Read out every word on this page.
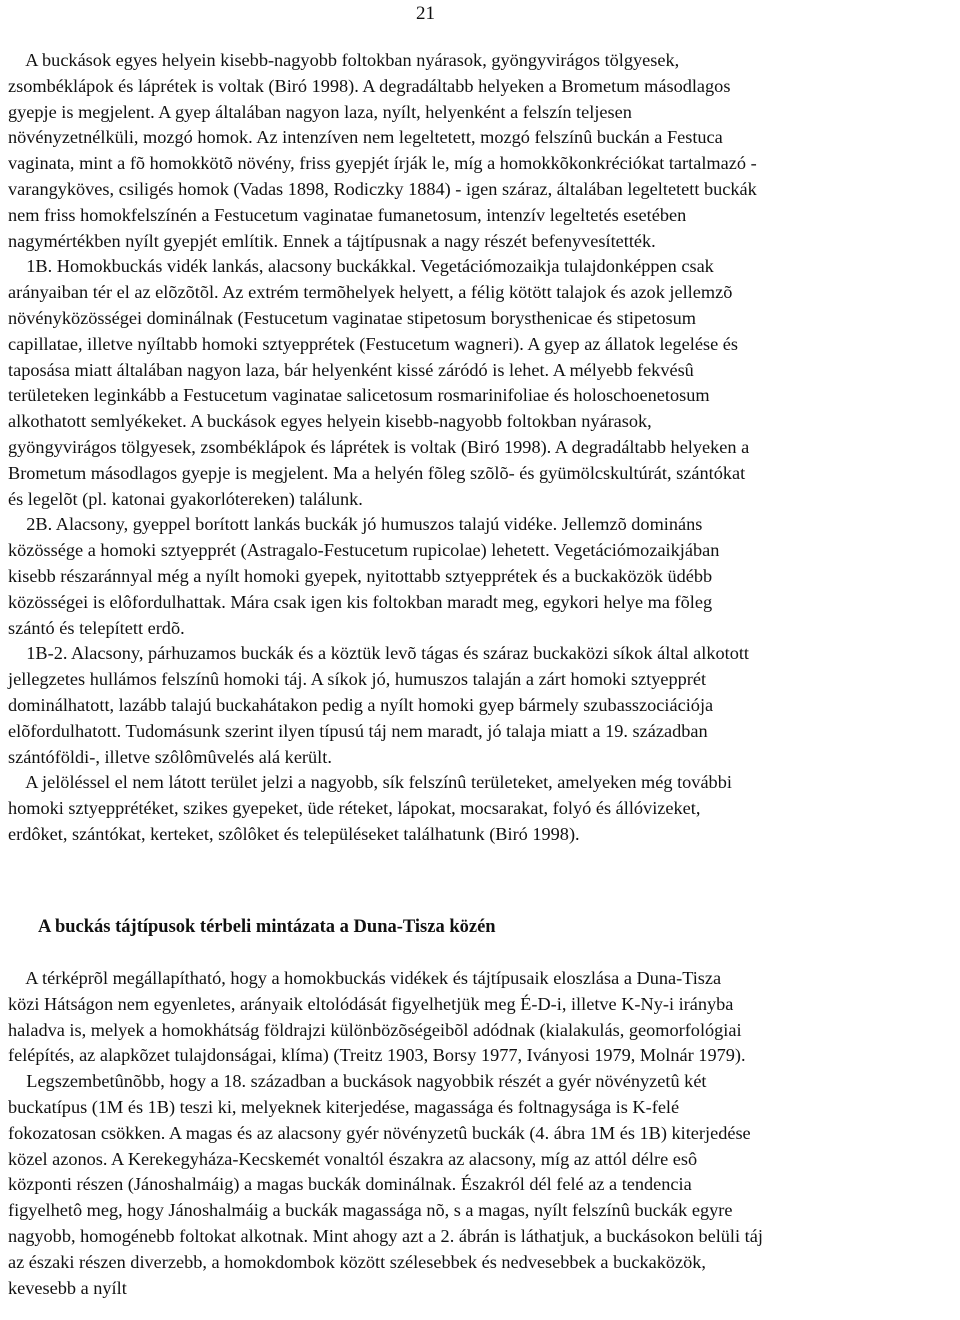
21
A buckások egyes helyein kisebb-nagyobb foltokban nyárasok, gyöngyvirágos tölgyesek,
zsombéklápok és láprétek is voltak (Biró 1998). A degradáltabb helyeken a Brometum másodlagos
gyepje is megjelent. A gyep általában nagyon laza, nyílt, helyenként a felszín teljesen
növényzetnélküli, mozgó homok. Az intenzíven nem legeltetett, mozgó felszínû buckán a Festuca
vaginata, mint a fõ homokkötõ növény, friss gyepjét írják le, míg a homokkõkonkréciókat tartalmazó -
varangyköves, csiligés homok (Vadas 1898, Rodiczky 1884) - igen száraz, általában legeltetett buckák
nem friss homokfelszínén a Festucetum vaginatae fumanetosum, intenzív legeltetés esetében
nagymértékben nyílt gyepjét említik. Ennek a tájtípusnak a nagy részét befenyvesítették.
1B. Homokbuckás vidék lankás, alacsony buckákkal. Vegetációmozaikja tulajdonképpen csak
arányaiban tér el az elõzõtõl. Az extrém termõhelyek helyett, a félig kötött talajok és azok jellemzõ
növényközösségei dominálnak (Festucetum vaginatae stipetosum borysthenicae és stipetosum
capillatae, illetve nyíltabb homoki sztyepprétek (Festucetum wagneri). A gyep az állatok legelése és
taposása miatt általában nagyon laza, bár helyenként kissé záródó is lehet. A mélyebb fekvésû
területeken leginkább a Festucetum vaginatae salicetosum rosmarinifoliae és holoschoenetosum
alkothatott semlyékeket. A buckások egyes helyein kisebb-nagyobb foltokban nyárasok,
gyöngyvirágos tölgyesek, zsombéklápok és láprétek is voltak (Biró 1998). A degradáltabb helyeken a
Brometum másodlagos gyepje is megjelent. Ma a helyén fõleg szõlõ- és gyümölcskultúrát, szántókat
és legelõt (pl. katonai gyakorlótereken) találunk.
2B. Alacsony, gyeppel borított lankás buckák jó humuszos talajú vidéke. Jellemzõ domináns
közössége a homoki sztyepprét (Astragalo-Festucetum rupicolae) lehetett. Vegetációmozaikjában
kisebb részaránnyal még a nyílt homoki gyepek, nyitottabb sztyepprétek és a buckaközök üdébb
közösségei is elôfordulhattak. Mára csak igen kis foltokban maradt meg, egykori helye ma fõleg
szántó és telepített erdõ.
1B-2. Alacsony, párhuzamos buckák és a köztük levõ tágas és száraz buckaközi síkok által alkotott
jellegzetes hullámos felszínû homoki táj. A síkok jó, humuszos talaján a zárt homoki sztyepprét
dominálhatott, lazább talajú buckahátakon pedig a nyílt homoki gyep bármely szubasszociációja
elõfordulhatott. Tudomásunk szerint ilyen típusú táj nem maradt, jó talaja miatt a 19. században
szántóföldi-, illetve szôlômûvelés alá került.
A jelöléssel el nem látott terület jelzi a nagyobb, sík felszínû területeket, amelyeken még további
homoki sztyepprétéket, szikes gyepeket, üde réteket, lápokat, mocsarakat, folyó és állóvizeket,
erdôket, szántókat, kerteket, szôlôket és településeket találhatunk (Biró 1998).
A buckás tájtípusok térbeli mintázata a Duna-Tisza közén
A térképrõl megállapítható, hogy a homokbuckás vidékek és tájtípusaik eloszlása a Duna-Tisza
közi Hátságon nem egyenletes, arányaik eltolódását figyelhetjük meg É-D-i, illetve K-Ny-i irányba
haladva is, melyek a homokhátság földrajzi különbözõségeibõl adódnak (kialakulás, geomorfológiai
felépítés, az alapkõzet tulajdonságai, klíma) (Treitz 1903, Borsy 1977, Iványosi 1979, Molnár 1979).
Legszembetûnõbb, hogy a 18. században a buckások nagyobbik részét a gyér növényzetû két
buckatípus (1M és 1B) teszi ki, melyeknek kiterjedése, magassága és foltnagysága is K-felé
fokozatosan csökken. A magas és az alacsony gyér növényzetû buckák (4. ábra 1M és 1B) kiterjedése
közel azonos. A Kerekegyháza-Kecskemét vonaltól északra az alacsony, míg az attól délre esô
központi részen (Jánoshalmáig) a magas buckák dominálnak. Északról dél felé az a tendencia
figyelhetô meg, hogy Jánoshalmáig a buckák magassága nõ, s a magas, nyílt felszínû buckák egyre
nagyobb, homogénebb foltokat alkotnak. Mint ahogy azt a 2. ábrán is láthatjuk, a buckásokon belüli táj
az északi részen diverzebb, a homokdombok között szélesebbek és nedvesebbek a buckaközök,
kevesebb a nyílt
